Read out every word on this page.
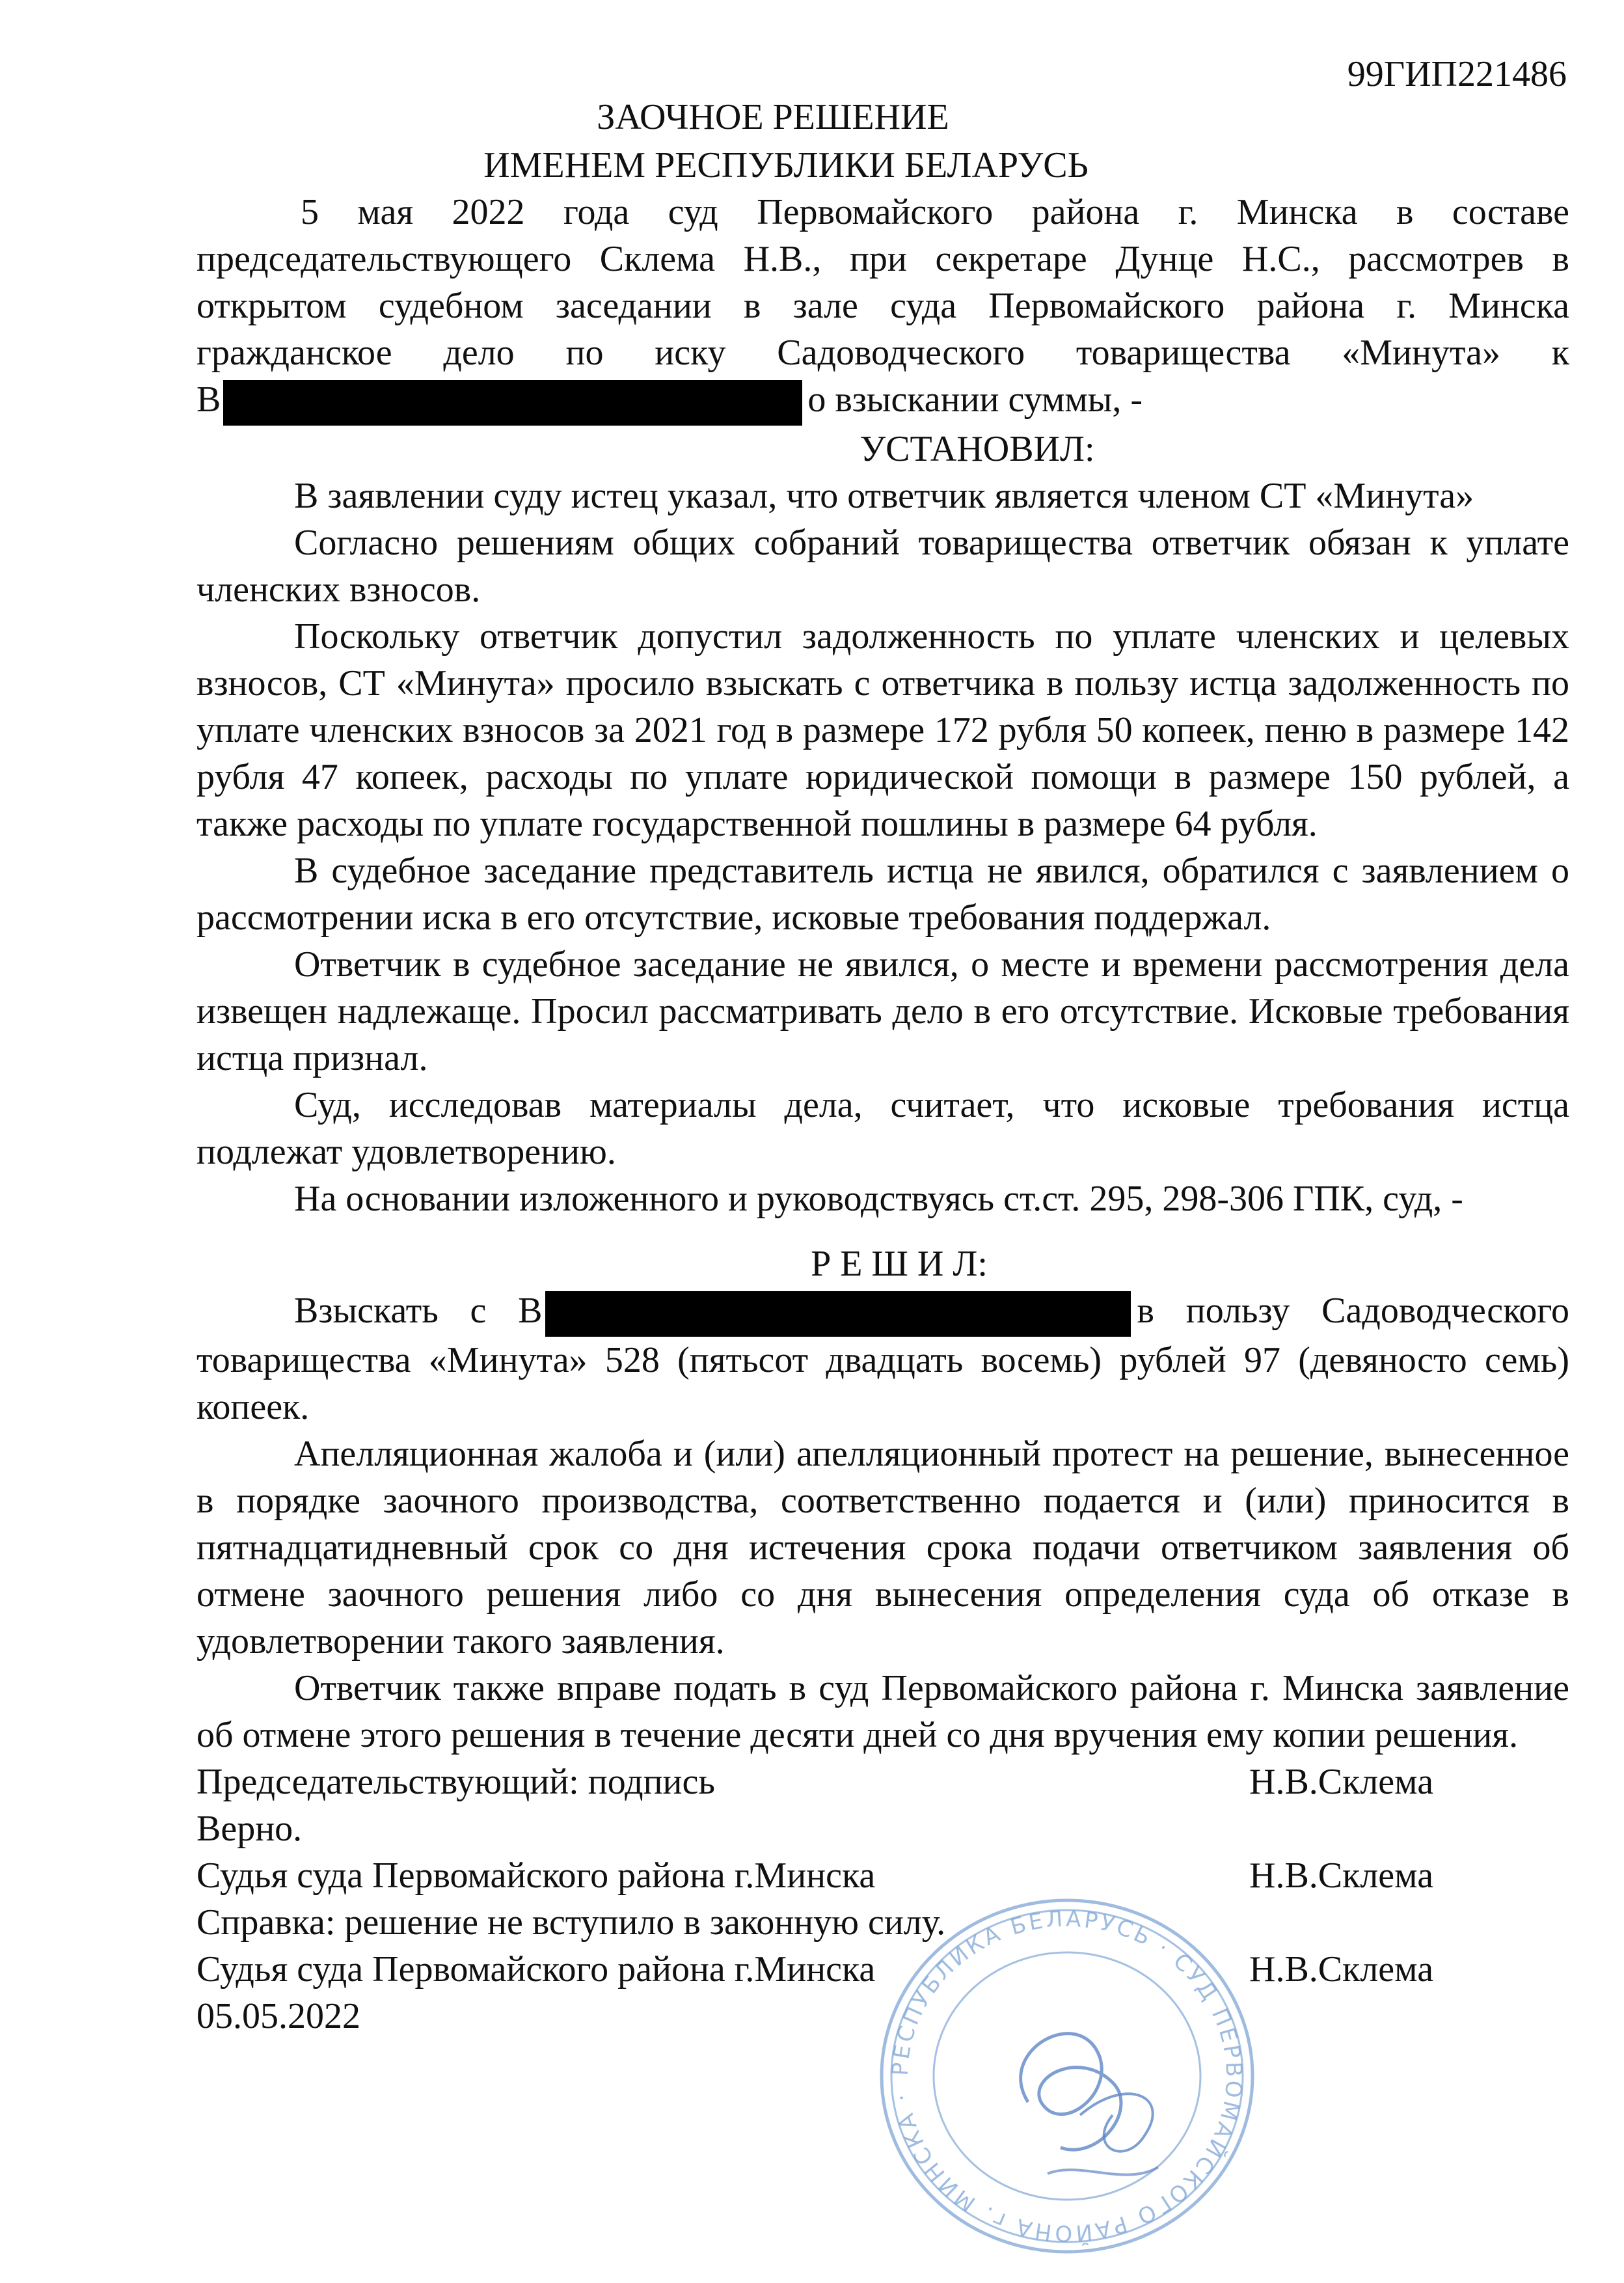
99ГИП221486
ЗАОЧНОЕ РЕШЕНИЕ
ИМЕНЕМ РЕСПУБЛИКИ БЕЛАРУСЬ
5 мая 2022 года суд Первомайского района г. Минска в составе
председательствующего Склема Н.В., при секретаре Дунце Н.С., рассмотрев в
открытом судебном заседании в зале суда Первомайского района г. Минска
гражданское дело по иску Садоводческого товарищества «Минута» к
В	о взыскании суммы, -
УСТАНОВИЛ:

В заявлении суду истец указал, что ответчик является членом СТ «Минута»

Согласно решениям общих собраний товарищества ответчик обязан к уплате членских взносов.

Поскольку ответчик допустил задолженность по уплате членских и целевых взносов, СТ «Минута» просило взыскать с ответчика в пользу истца задолженность по уплате членских взносов за 2021 год в размере 172 рубля 50 копеек, пеню в размере 142 рубля 47 копеек, расходы по уплате юридической помощи в размере 150 рублей, а также расходы по уплате государственной пошлины в размере 64 рубля.

В судебное заседание представитель истца не явился, обратился с заявлением о рассмотрении иска в его отсутствие, исковые требования поддержал.

Ответчик в судебное заседание не явился, о месте и времени рассмотрения дела извещен надлежаще. Просил рассматривать дело в его отсутствие. Исковые требования истца признал.

Суд, исследовав материалы дела, считает, что исковые требования истца подлежат удовлетворению.

На основании изложенного и руководствуясь ст.ст. 295, 298-306 ГПК, суд, -

Р Е Ш И Л:

Взыскать с В	в пользу Садоводческого товарищества «Минута» 528 (пятьсот двадцать восемь) рублей 97 (девяносто семь) копеек.

Апелляционная жалоба и (или) апелляционный протест на решение, вынесенное в порядке заочного производства, соответственно подается и (или) приносится в пятнадцатидневный срок со дня истечения срока подачи ответчиком заявления об отмене заочного решения либо со дня вынесения определения суда об отказе в удовлетворении такого заявления.

Ответчик также вправе подать в суд Первомайского района г. Минска заявление об отмене этого решения в течение десяти дней со дня вручения ему копии решения.

Председательствующий: подпись	Н.В.Склема
Верно.
Судья суда Первомайского района г.Минска	Н.В.Склема
Справка: решение не вступило в законную силу.
Судья суда Первомайского района г.Минска	Н.В.Склема
05.05.2022
РЕСПУБЛИКА БЕЛАРУСЬ · СУД ПЕРВОМАЙСКОГО РАЙОНА г. МИНСКА ·
